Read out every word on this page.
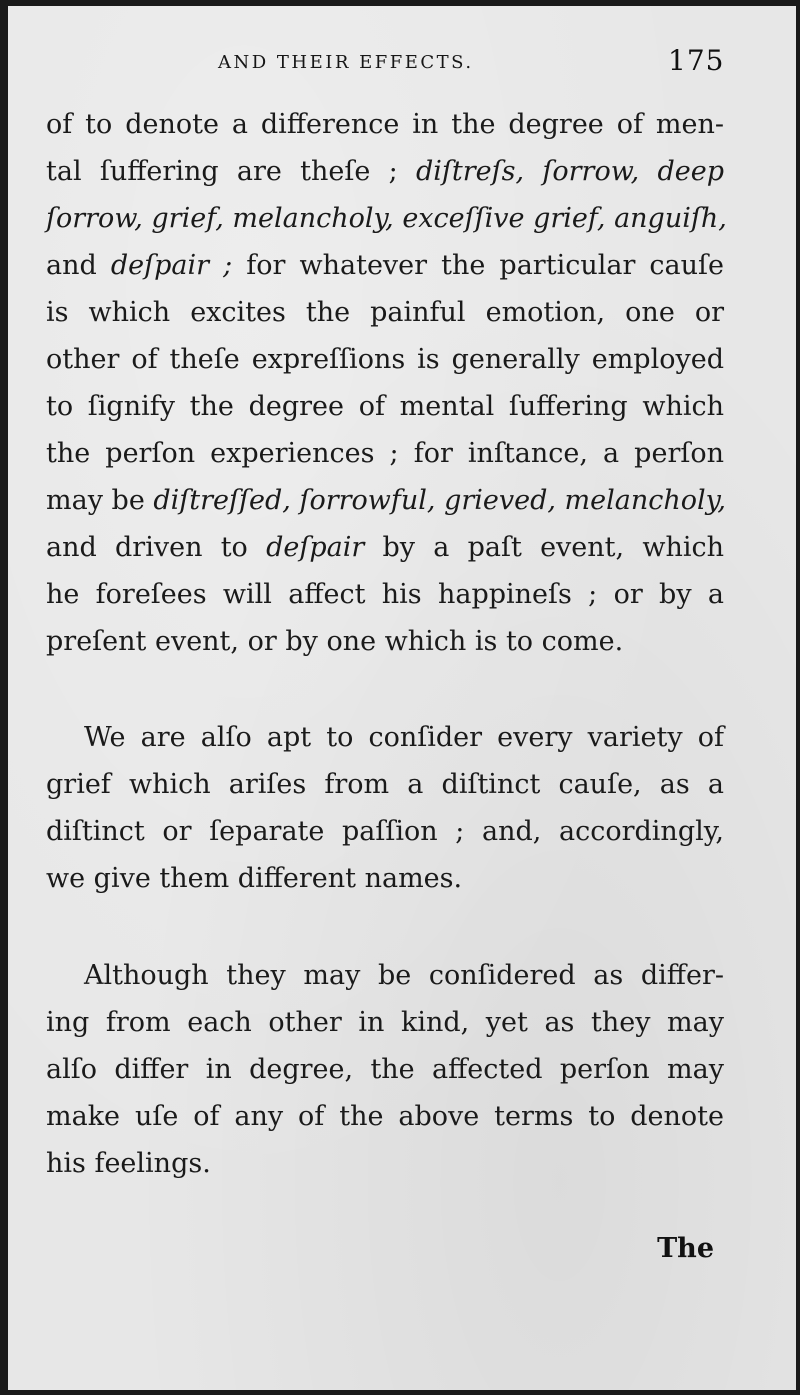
AND THEIR EFFECTS.	175
of to denote a difference in the degree of men-
tal ſuffering are theſe ; diſtreſs, ſorrow, deep
ſorrow, grief, melancholy, exceſſive grief, anguiſh,
and deſpair ; for whatever the particular cauſe
is which excites the painful emotion, one or
other of theſe expreſſions is generally employed
to ſignify the degree of mental ſuffering which
the perſon experiences ; for inſtance, a perſon
may be diſtreſſed, ſorrowful, grieved, melancholy,
and driven to deſpair by a paſt event, which
he foreſees will affect his happineſs ; or by a
preſent event, or by one which is to come.
We are alſo apt to conſider every variety of
grief which ariſes from a diſtinct cauſe, as a
diſtinct or ſeparate paſſion ; and, accordingly,
we give them different names.
Although they may be conſidered as differ-
ing from each other in kind, yet as they may
alſo differ in degree, the affected perſon may
make uſe of any of the above terms to denote
his feelings.
The
